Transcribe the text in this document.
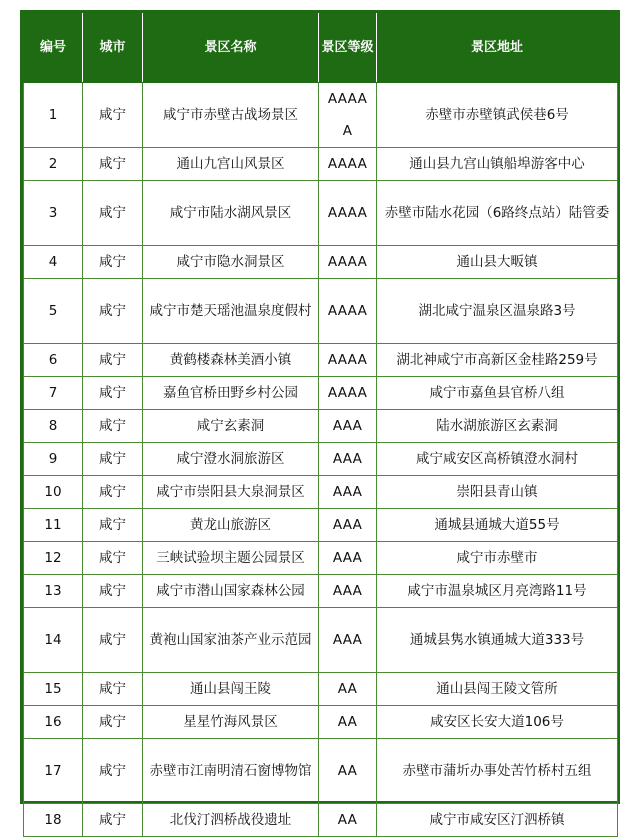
编号	城市	景区名称	景区等级	景区地址
1	咸宁	咸宁市赤壁古战场景区	AAAAA	赤壁市赤壁镇武侯巷6号
2	咸宁	通山九宫山风景区	AAAA	通山县九宫山镇船埠游客中心
3	咸宁	咸宁市陆水湖风景区	AAAA	赤壁市陆水花园（6路终点站）陆管委
4	咸宁	咸宁市隐水洞景区	AAAA	通山县大畈镇
5	咸宁	咸宁市楚天瑶池温泉度假村	AAAA	湖北咸宁温泉区温泉路3号
6	咸宁	黄鹤楼森林美酒小镇	AAAA	湖北神咸宁市高新区金桂路259号
7	咸宁	嘉鱼官桥田野乡村公园	AAAA	咸宁市嘉鱼县官桥八组
8	咸宁	咸宁玄素洞	AAA	陆水湖旅游区玄素洞
9	咸宁	咸宁澄水洞旅游区	AAA	咸宁咸安区高桥镇澄水洞村
10	咸宁	咸宁市崇阳县大泉洞景区	AAA	崇阳县青山镇
11	咸宁	黄龙山旅游区	AAA	通城县通城大道55号
12	咸宁	三峡试验坝主题公园景区	AAA	咸宁市赤壁市
13	咸宁	咸宁市潜山国家森林公园	AAA	咸宁市温泉城区月亮湾路11号
14	咸宁	黄袍山国家油茶产业示范园	AAA	通城县隽水镇通城大道333号
15	咸宁	通山县闯王陵	AA	通山县闯王陵文管所
16	咸宁	星星竹海风景区	AA	咸安区长安大道106号
17	咸宁	赤壁市江南明清石窗博物馆	AA	赤壁市蒲圻办事处苦竹桥村五组
18	咸宁	北伐汀泗桥战役遗址	AA	咸宁市咸安区汀泗桥镇
